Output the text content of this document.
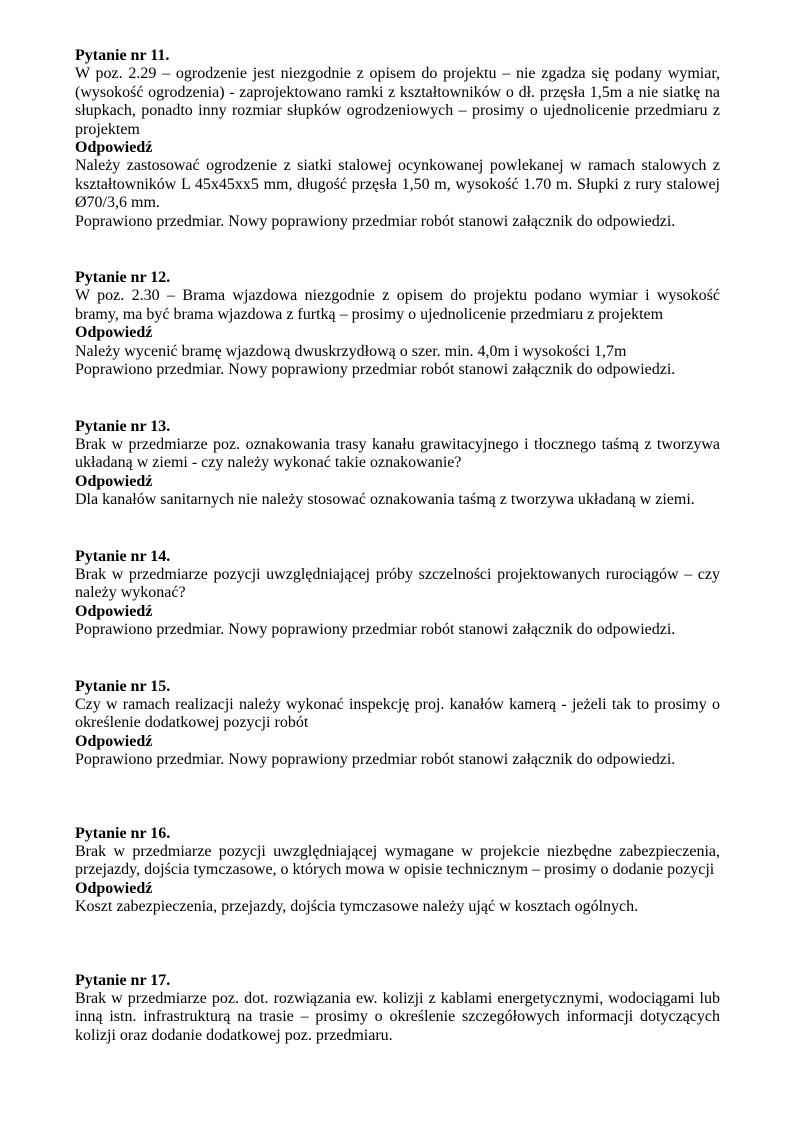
Pytanie nr 11.

W poz. 2.29 – ogrodzenie jest niezgodnie z opisem do projektu – nie zgadza się podany wymiar, (wysokość ogrodzenia) - zaprojektowano ramki z kształtowników o dł. przęsła 1,5m a nie siatkę na słupkach, ponadto inny rozmiar słupków ogrodzeniowych – prosimy o ujednolicenie przedmiaru z projektem

Odpowiedź

Należy zastosować ogrodzenie z siatki stalowej ocynkowanej powlekanej w ramach stalowych z kształtowników L 45x45xx5 mm, długość przęsła 1,50 m, wysokość 1.70 m. Słupki z rury stalowej Ø70/3,6 mm.

Poprawiono przedmiar. Nowy poprawiony przedmiar robót stanowi załącznik do odpowiedzi.

Pytanie nr 12.

W poz. 2.30 – Brama wjazdowa niezgodnie z opisem do projektu podano wymiar i wysokość bramy, ma być brama wjazdowa z furtką – prosimy o ujednolicenie przedmiaru z projektem

Odpowiedź

Należy wycenić bramę wjazdową dwuskrzydłową o szer. min. 4,0m i wysokości 1,7m

Poprawiono przedmiar. Nowy poprawiony przedmiar robót stanowi załącznik do odpowiedzi.

Pytanie nr 13.

Brak w przedmiarze poz. oznakowania trasy kanału grawitacyjnego i tłocznego taśmą z tworzywa układaną w ziemi - czy należy wykonać takie oznakowanie?

Odpowiedź

Dla kanałów sanitarnych nie należy stosować oznakowania taśmą z tworzywa układaną w ziemi.

Pytanie nr 14.

Brak w przedmiarze pozycji uwzględniającej próby szczelności projektowanych rurociągów – czy należy wykonać?

Odpowiedź

Poprawiono przedmiar. Nowy poprawiony przedmiar robót stanowi załącznik do odpowiedzi.

Pytanie nr 15.

Czy w ramach realizacji należy wykonać inspekcję proj. kanałów kamerą - jeżeli tak to prosimy o określenie dodatkowej pozycji robót

Odpowiedź

Poprawiono przedmiar. Nowy poprawiony przedmiar robót stanowi załącznik do odpowiedzi.

Pytanie nr 16.

Brak w przedmiarze pozycji uwzględniającej wymagane w projekcie niezbędne zabezpieczenia, przejazdy, dojścia tymczasowe, o których mowa w opisie technicznym – prosimy o dodanie pozycji

Odpowiedź

Koszt zabezpieczenia, przejazdy, dojścia tymczasowe należy ująć w kosztach ogólnych.

Pytanie nr 17.

Brak w przedmiarze poz. dot. rozwiązania ew. kolizji z kablami energetycznymi, wodociągami lub inną istn. infrastrukturą na trasie – prosimy o określenie szczegółowych informacji dotyczących kolizji oraz dodanie dodatkowej poz. przedmiaru.
